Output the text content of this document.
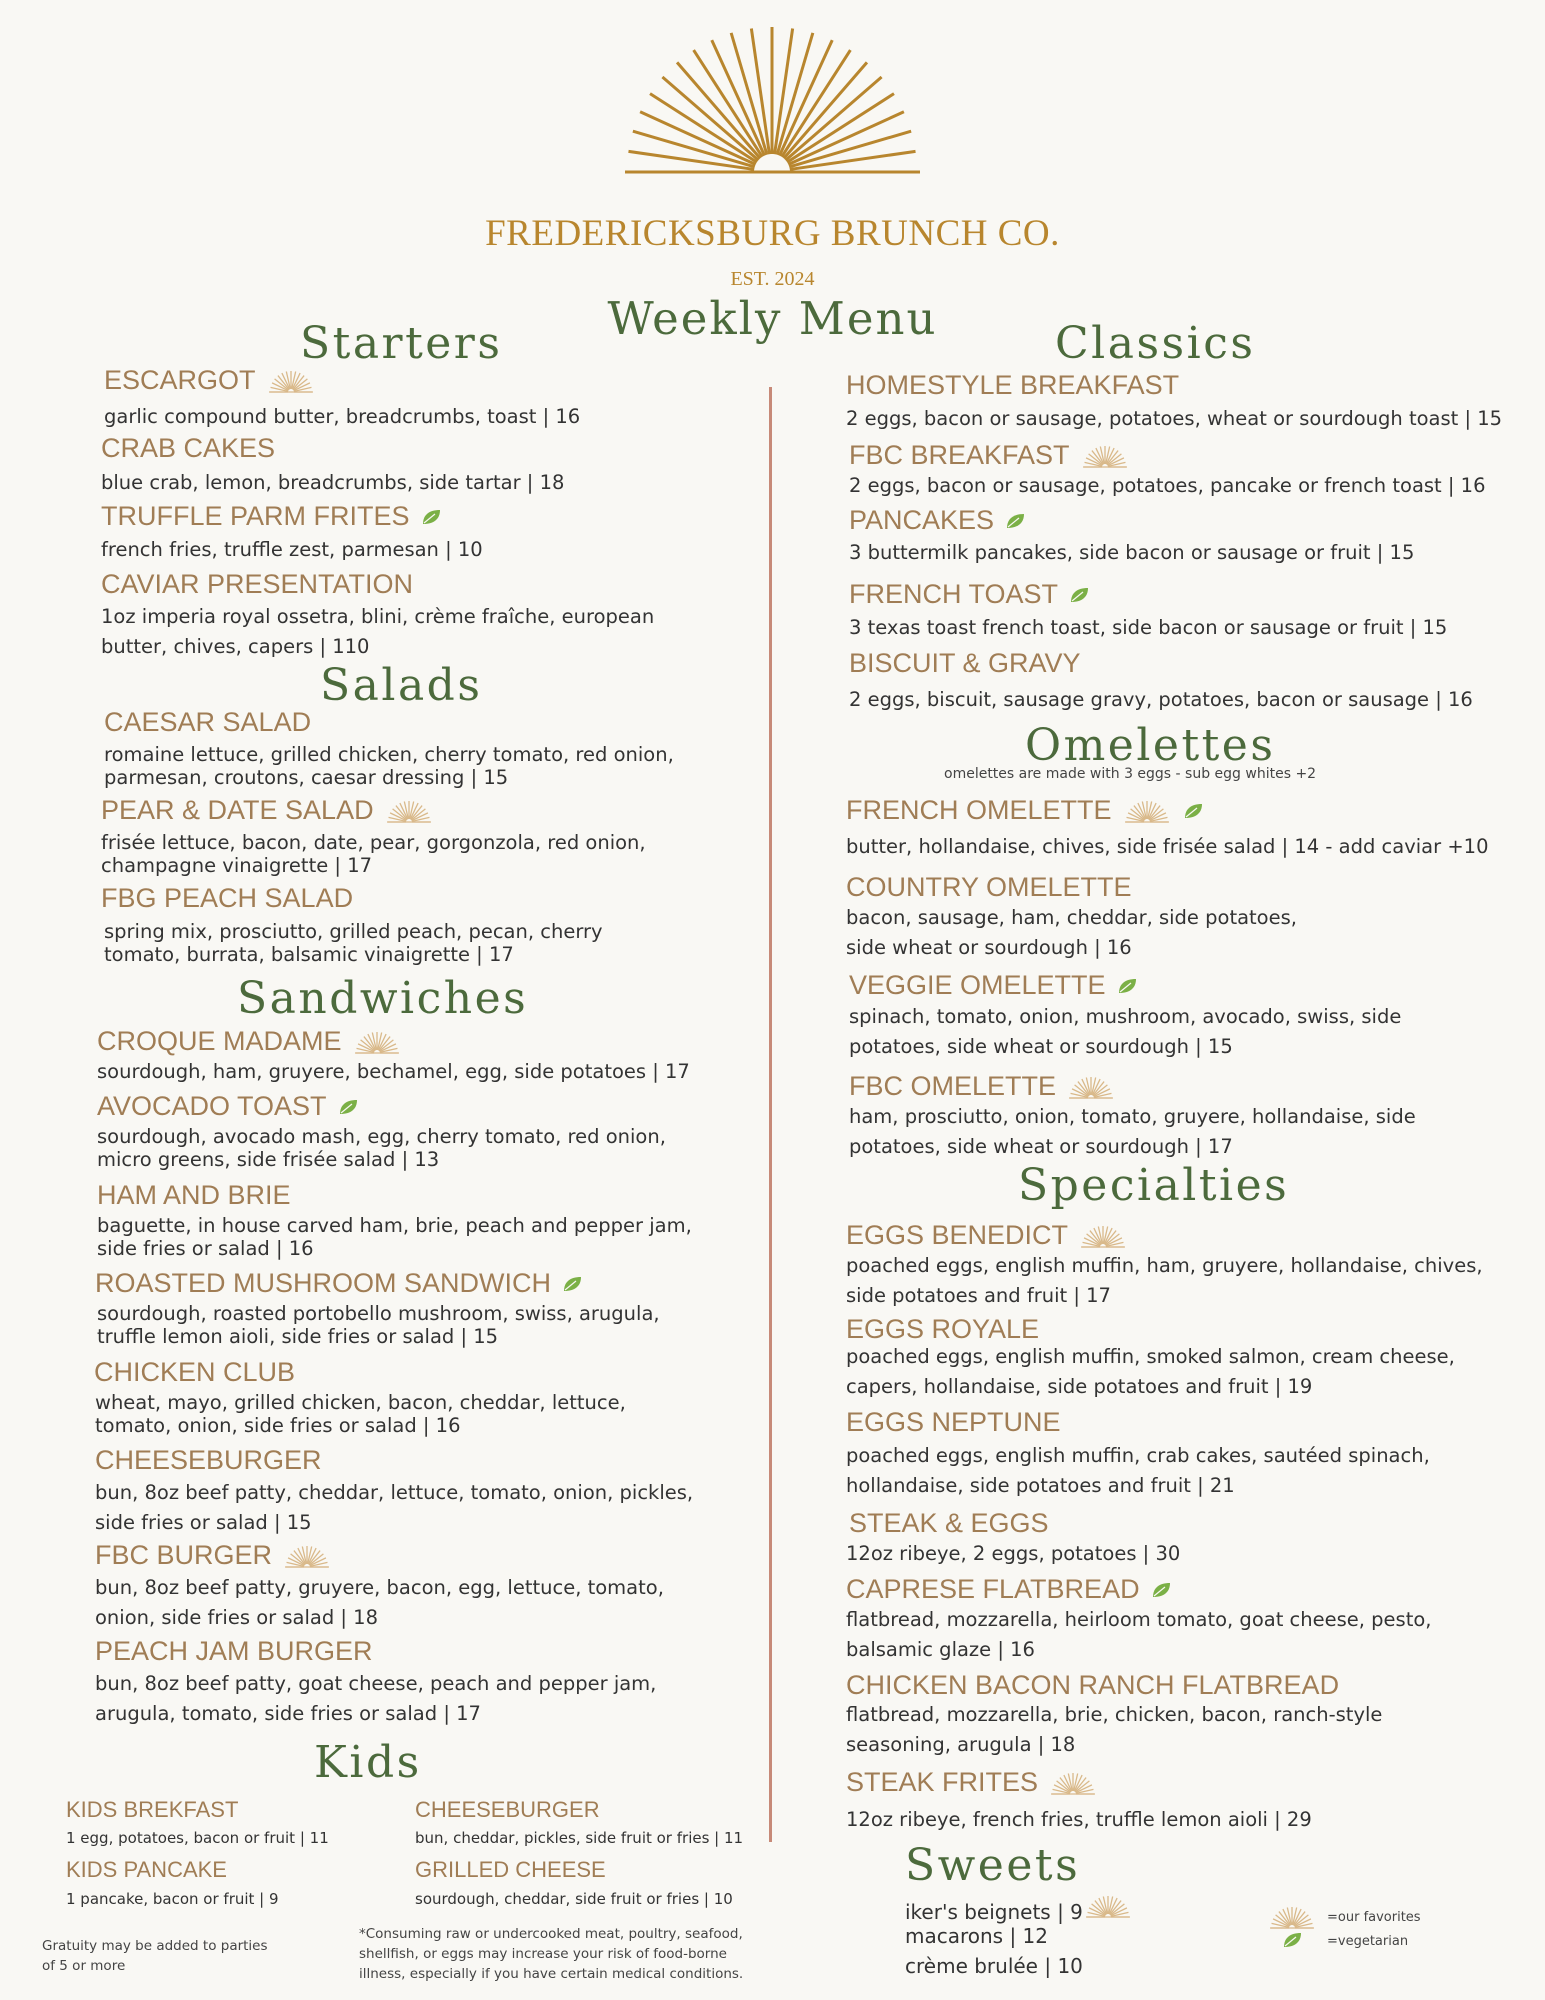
FREDERICKSBURG BRUNCH CO.
EST. 2024
Weekly Menu
Starters
ESCARGOT
garlic compound butter, breadcrumbs, toast | 16
CRAB CAKES
blue crab, lemon, breadcrumbs, side tartar | 18
TRUFFLE PARM FRITES
french fries, truffle zest, parmesan | 10
CAVIAR PRESENTATION
1oz imperia royal ossetra, blini, crème fraîche, european
butter, chives, capers | 110
Salads
CAESAR SALAD
romaine lettuce, grilled chicken, cherry tomato, red onion,
parmesan, croutons, caesar dressing | 15
PEAR & DATE SALAD
frisée lettuce, bacon, date, pear, gorgonzola, red onion,
champagne vinaigrette | 17
FBG PEACH SALAD
spring mix, prosciutto, grilled peach, pecan, cherry
tomato, burrata, balsamic vinaigrette | 17
Sandwiches
CROQUE MADAME
sourdough, ham, gruyere, bechamel, egg, side potatoes | 17
AVOCADO TOAST
sourdough, avocado mash, egg, cherry tomato, red onion,
micro greens, side frisée salad | 13
HAM AND BRIE
baguette, in house carved ham, brie, peach and pepper jam,
side fries or salad | 16
ROASTED MUSHROOM SANDWICH
sourdough, roasted portobello mushroom, swiss, arugula,
truffle lemon aioli, side fries or salad | 15
CHICKEN CLUB
wheat, mayo, grilled chicken, bacon, cheddar, lettuce,
tomato, onion, side fries or salad | 16
CHEESEBURGER
bun, 8oz beef patty, cheddar, lettuce, tomato, onion, pickles,
side fries or salad | 15
FBC BURGER
bun, 8oz beef patty, gruyere, bacon, egg, lettuce, tomato,
onion, side fries or salad | 18
PEACH JAM BURGER
bun, 8oz beef patty, goat cheese, peach and pepper jam,
arugula, tomato, side fries or salad | 17
Kids
KIDS BREKFAST
1 egg, potatoes, bacon or fruit | 11
CHEESEBURGER
bun, cheddar, pickles, side fruit or fries | 11
KIDS PANCAKE
1 pancake, bacon or fruit | 9
GRILLED CHEESE
sourdough, cheddar, side fruit or fries | 10
Gratuity may be added to parties
of 5 or more
*Consuming raw or undercooked meat, poultry, seafood,
shellfish, or eggs may increase your risk of food-borne
illness, especially if you have certain medical conditions.
Classics
HOMESTYLE BREAKFAST
2 eggs, bacon or sausage, potatoes, wheat or sourdough toast | 15
FBC BREAKFAST
2 eggs, bacon or sausage, potatoes, pancake or french toast | 16
PANCAKES
3 buttermilk pancakes, side bacon or sausage or fruit | 15
FRENCH TOAST
3 texas toast french toast, side bacon or sausage or fruit | 15
BISCUIT & GRAVY
2 eggs, biscuit, sausage gravy, potatoes, bacon or sausage | 16
Omelettes
omelettes are made with 3 eggs - sub egg whites +2
FRENCH OMELETTE
butter, hollandaise, chives, side frisée salad | 14 - add caviar +10
COUNTRY OMELETTE
bacon, sausage, ham, cheddar, side potatoes,
side wheat or sourdough | 16
VEGGIE OMELETTE
spinach, tomato, onion, mushroom, avocado, swiss, side
potatoes, side wheat or sourdough | 15
FBC OMELETTE
ham, prosciutto, onion, tomato, gruyere, hollandaise, side
potatoes, side wheat or sourdough | 17
Specialties
EGGS BENEDICT
poached eggs, english muffin, ham, gruyere, hollandaise, chives,
side potatoes and fruit | 17
EGGS ROYALE
poached eggs, english muffin, smoked salmon, cream cheese,
capers, hollandaise, side potatoes and fruit | 19
EGGS NEPTUNE
poached eggs, english muffin, crab cakes, sautéed spinach,
hollandaise, side potatoes and fruit | 21
STEAK & EGGS
12oz ribeye, 2 eggs, potatoes | 30
CAPRESE FLATBREAD
flatbread, mozzarella, heirloom tomato, goat cheese, pesto,
balsamic glaze | 16
CHICKEN BACON RANCH FLATBREAD
flatbread, mozzarella, brie, chicken, bacon, ranch-style
seasoning, arugula | 18
STEAK FRITES
12oz ribeye, french fries, truffle lemon aioli | 29
Sweets
iker's beignets | 9
macarons | 12
crème brulée | 10
=our favorites
=vegetarian
